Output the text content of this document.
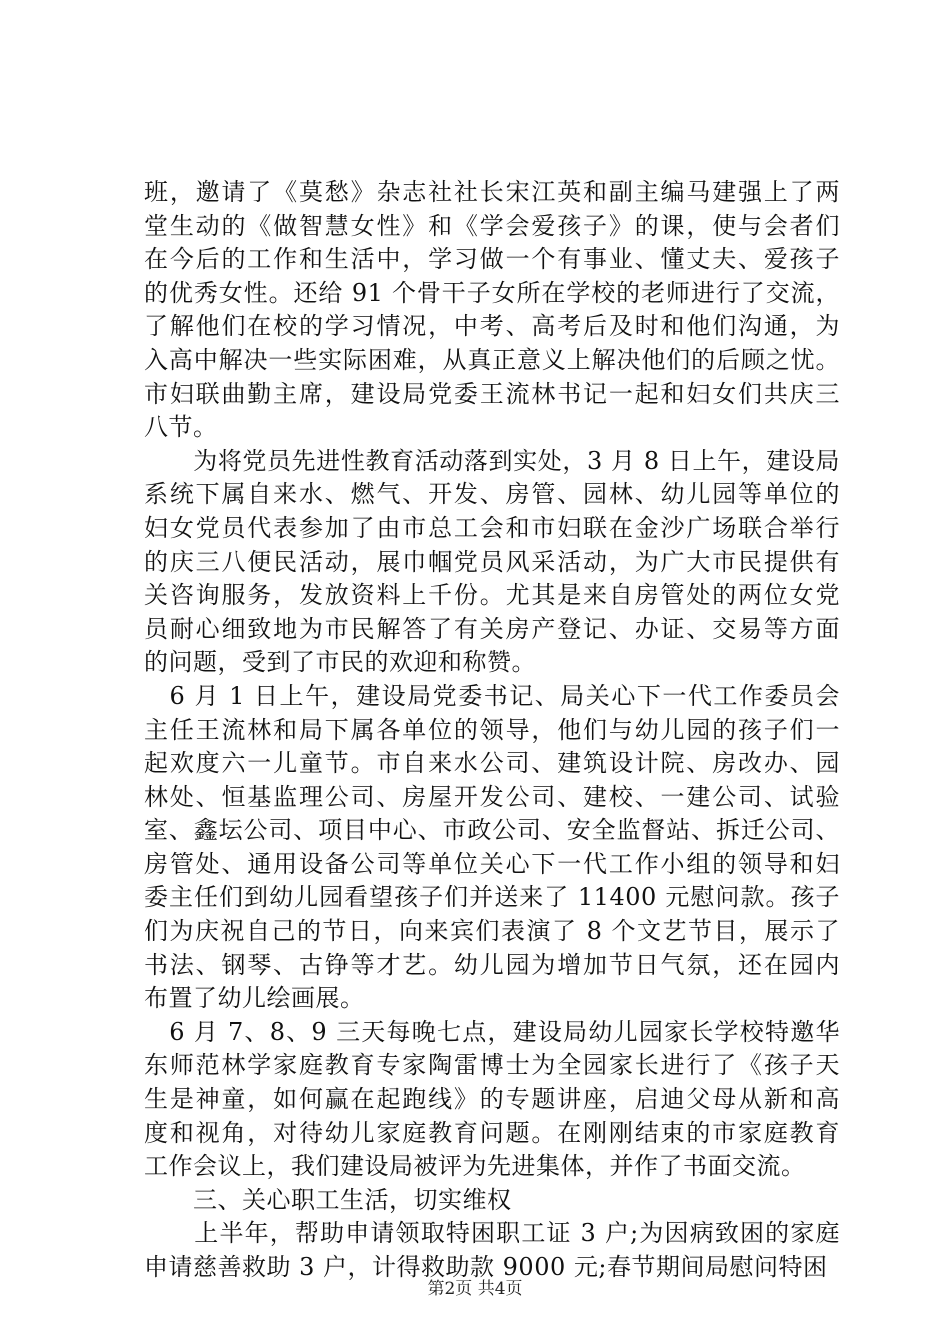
班，邀请了《莫愁》杂志社社长宋江英和副主编马建强上了两
堂生动的《做智慧女性》和《学会爱孩子》的课，使与会者们
在今后的工作和生活中，学习做一个有事业、懂丈夫、爱孩子
的优秀女性。还给 91 个骨干子女所在学校的老师进行了交流，
了解他们在校的学习情况，中考、高考后及时和他们沟通，为
入高中解决一些实际困难，从真正意义上解决他们的后顾之忧。
市妇联曲勤主席，建设局党委王流林书记一起和妇女们共庆三
八节。
　　为将党员先进性教育活动落到实处，3 月 8 日上午，建设局
系统下属自来水、燃气、开发、房管、园林、幼儿园等单位的
妇女党员代表参加了由市总工会和市妇联在金沙广场联合举行
的庆三八便民活动，展巾帼党员风采活动，为广大市民提供有
关咨询服务，发放资料上千份。尤其是来自房管处的两位女党
员耐心细致地为市民解答了有关房产登记、办证、交易等方面
的问题，受到了市民的欢迎和称赞。
　6 月 1 日上午，建设局党委书记、局关心下一代工作委员会
主任王流林和局下属各单位的领导，他们与幼儿园的孩子们一
起欢度六一儿童节。市自来水公司、建筑设计院、房改办、园
林处、恒基监理公司、房屋开发公司、建校、一建公司、试验
室、鑫坛公司、项目中心、市政公司、安全监督站、拆迁公司、
房管处、通用设备公司等单位关心下一代工作小组的领导和妇
委主任们到幼儿园看望孩子们并送来了 11400 元慰问款。孩子
们为庆祝自己的节日，向来宾们表演了 8 个文艺节目，展示了
书法、钢琴、古铮等才艺。幼儿园为增加节日气氛，还在园内
布置了幼儿绘画展。
　6 月 7、8、9 三天每晚七点，建设局幼儿园家长学校特邀华
东师范林学家庭教育专家陶雷博士为全园家长进行了《孩子天
生是神童，如何赢在起跑线》的专题讲座，启迪父母从新和高
度和视角，对待幼儿家庭教育问题。在刚刚结束的市家庭教育
工作会议上，我们建设局被评为先进集体，并作了书面交流。
　　三、关心职工生活，切实维权
　　上半年，帮助申请领取特困职工证 3 户;为因病致困的家庭
申请慈善救助 3 户，计得救助款 9000 元;春节期间局慰问特困
第2页 共4页
